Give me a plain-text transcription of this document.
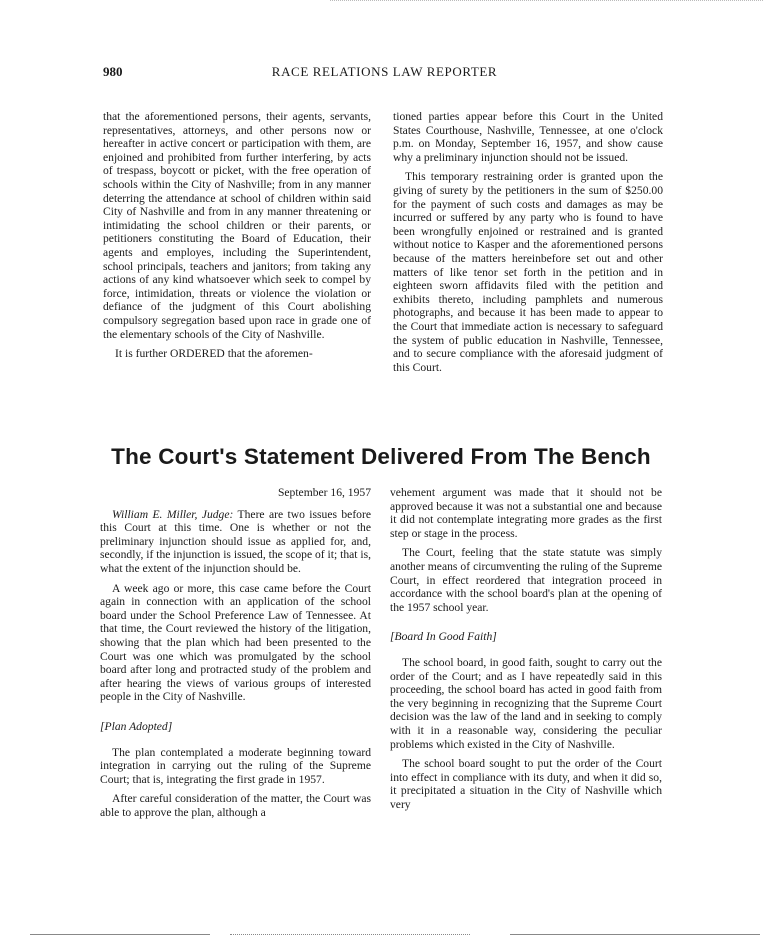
980	RACE RELATIONS LAW REPORTER

that the aforementioned persons, their agents, servants, representatives, attorneys, and other persons now or hereafter in active concert or participation with them, are enjoined and prohibited from further interfering, by acts of trespass, boycott or picket, with the free operation of schools within the City of Nashville; from in any manner deterring the attendance at school of children within said City of Nashville and from in any manner threatening or intimidating the school children or their parents, or petitioners constituting the Board of Education, their agents and employes, including the Superintendent, school principals, teachers and janitors; from taking any actions of any kind whatsoever which seek to compel by force, intimidation, threats or violence the violation or defiance of the judgment of this Court abolishing compulsory segregation based upon race in grade one of the elementary schools of the City of Nashville.

It is further ORDERED that the aforemen-

tioned parties appear before this Court in the United States Courthouse, Nashville, Tennessee, at one o'clock p.m. on Monday, September 16, 1957, and show cause why a preliminary injunction should not be issued.

This temporary restraining order is granted upon the giving of surety by the petitioners in the sum of $250.00 for the payment of such costs and damages as may be incurred or suffered by any party who is found to have been wrongfully enjoined or restrained and is granted without notice to Kasper and the aforementioned persons because of the matters hereinbefore set out and other matters of like tenor set forth in the petition and in eighteen sworn affidavits filed with the petition and exhibits thereto, including pamphlets and numerous photographs, and because it has been made to appear to the Court that immediate action is necessary to safeguard the system of public education in Nashville, Tennessee, and to secure compliance with the aforesaid judgment of this Court.

The Court's Statement Delivered From The Bench

September 16, 1957

William E. Miller, Judge: There are two issues before this Court at this time. One is whether or not the preliminary injunction should issue as applied for, and, secondly, if the injunction is issued, the scope of it; that is, what the extent of the injunction should be.

A week ago or more, this case came before the Court again in connection with an application of the school board under the School Preference Law of Tennessee. At that time, the Court reviewed the history of the litigation, showing that the plan which had been presented to the Court was one which was promulgated by the school board after long and protracted study of the problem and after hearing the views of various groups of interested people in the City of Nashville.

[Plan Adopted]

The plan contemplated a moderate beginning toward integration in carrying out the ruling of the Supreme Court; that is, integrating the first grade in 1957.

After careful consideration of the matter, the Court was able to approve the plan, although a

vehement argument was made that it should not be approved because it was not a substantial one and because it did not contemplate integrating more grades as the first step or stage in the process.

The Court, feeling that the state statute was simply another means of circumventing the ruling of the Supreme Court, in effect reordered that integration proceed in accordance with the school board's plan at the opening of the 1957 school year.

[Board In Good Faith]

The school board, in good faith, sought to carry out the order of the Court; and as I have repeatedly said in this proceeding, the school board has acted in good faith from the very beginning in recognizing that the Supreme Court decision was the law of the land and in seeking to comply with it in a reasonable way, considering the peculiar problems which existed in the City of Nashville.

The school board sought to put the order of the Court into effect in compliance with its duty, and when it did so, it precipitated a situation in the City of Nashville which very
